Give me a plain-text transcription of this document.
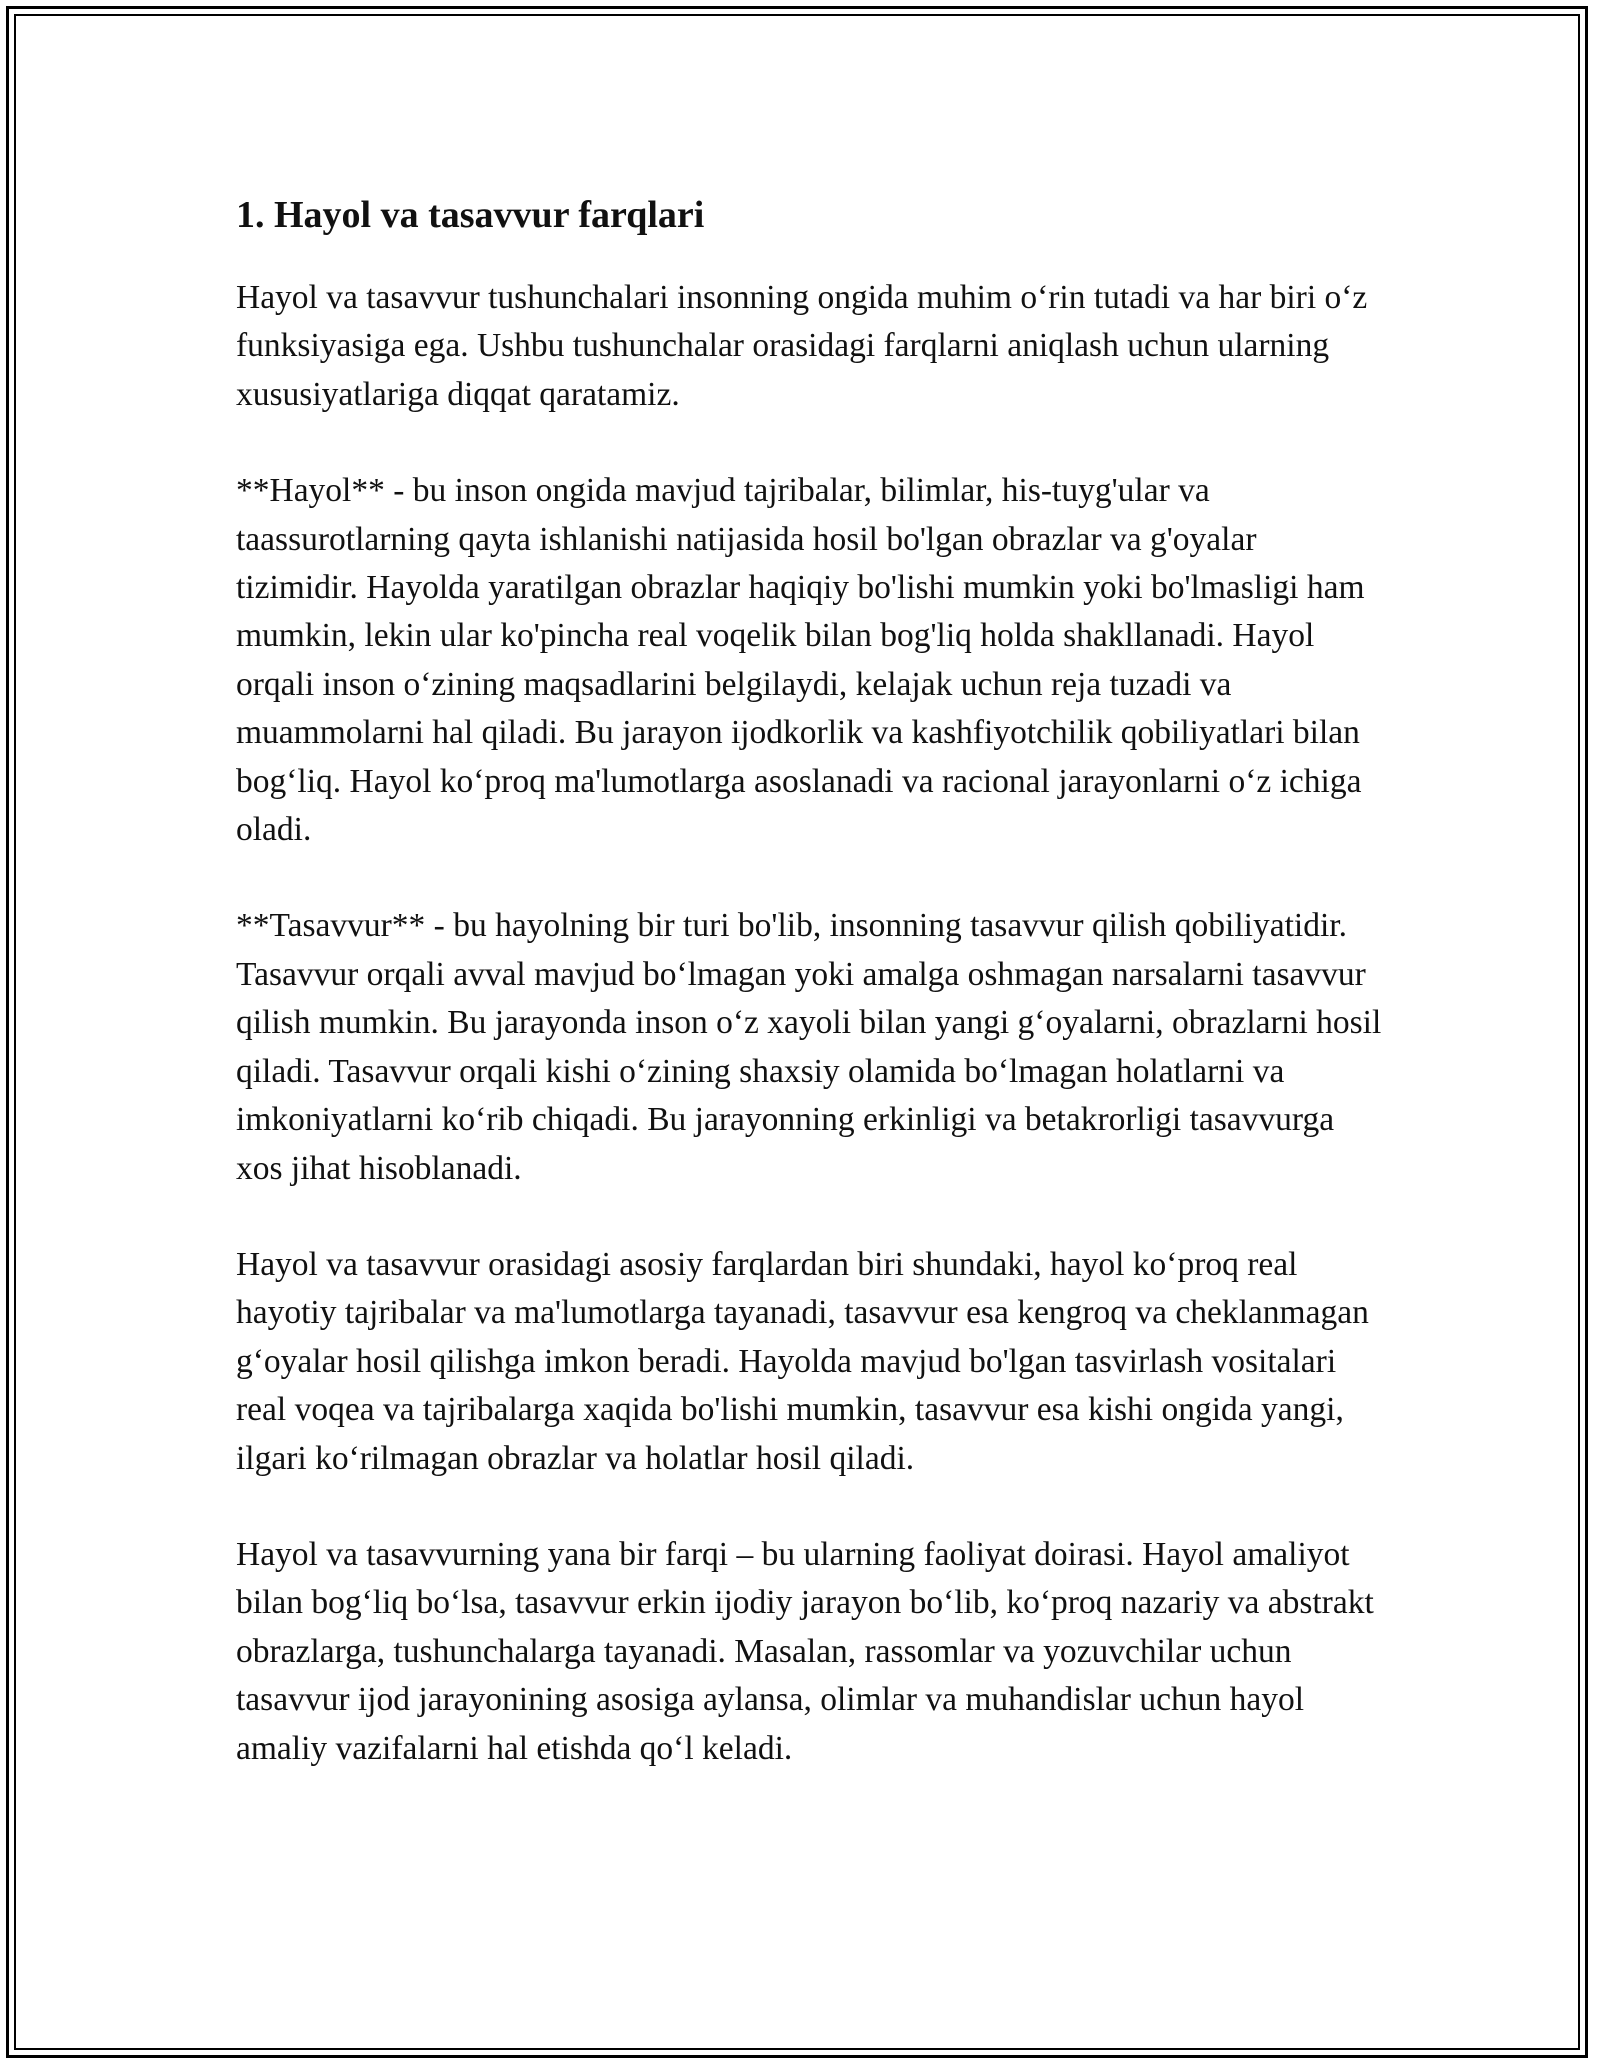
1. Hayol va tasavvur farqlari

Hayol va tasavvur tushunchalari insonning ongida muhim o‘rin tutadi va har biri o‘z funksiyasiga ega. Ushbu tushunchalar orasidagi farqlarni aniqlash uchun ularning xususiyatlariga diqqat qaratamiz.

**Hayol** - bu inson ongida mavjud tajribalar, bilimlar, his-tuyg'ular va taassurotlarning qayta ishlanishi natijasida hosil bo'lgan obrazlar va g'oyalar tizimidir. Hayolda yaratilgan obrazlar haqiqiy bo'lishi mumkin yoki bo'lmasligi ham mumkin, lekin ular ko'pincha real voqelik bilan bog'liq holda shakllanadi. Hayol orqali inson o‘zining maqsadlarini belgilaydi, kelajak uchun reja tuzadi va muammolarni hal qiladi. Bu jarayon ijodkorlik va kashfiyotchilik qobiliyatlari bilan bog‘liq. Hayol ko‘proq ma'lumotlarga asoslanadi va racional jarayonlarni o‘z ichiga oladi.

**Tasavvur** - bu hayolning bir turi bo'lib, insonning tasavvur qilish qobiliyatidir. Tasavvur orqali avval mavjud bo‘lmagan yoki amalga oshmagan narsalarni tasavvur qilish mumkin. Bu jarayonda inson o‘z xayoli bilan yangi g‘oyalarni, obrazlarni hosil qiladi. Tasavvur orqali kishi o‘zining shaxsiy olamida bo‘lmagan holatlarni va imkoniyatlarni ko‘rib chiqadi. Bu jarayonning erkinligi va betakrorligi tasavvurga xos jihat hisoblanadi.

Hayol va tasavvur orasidagi asosiy farqlardan biri shundaki, hayol ko‘proq real hayotiy tajribalar va ma'lumotlarga tayanadi, tasavvur esa kengroq va cheklanmagan g‘oyalar hosil qilishga imkon beradi. Hayolda mavjud bo'lgan tasvirlash vositalari real voqea va tajribalarga xaqida bo'lishi mumkin, tasavvur esa kishi ongida yangi, ilgari ko‘rilmagan obrazlar va holatlar hosil qiladi.

Hayol va tasavvurning yana bir farqi – bu ularning faoliyat doirasi. Hayol amaliyot bilan bog‘liq bo‘lsa, tasavvur erkin ijodiy jarayon bo‘lib, ko‘proq nazariy va abstrakt obrazlarga, tushunchalarga tayanadi. Masalan, rassomlar va yozuvchilar uchun tasavvur ijod jarayonining asosiga aylansa, olimlar va muhandislar uchun hayol amaliy vazifalarni hal etishda qo‘l keladi.
